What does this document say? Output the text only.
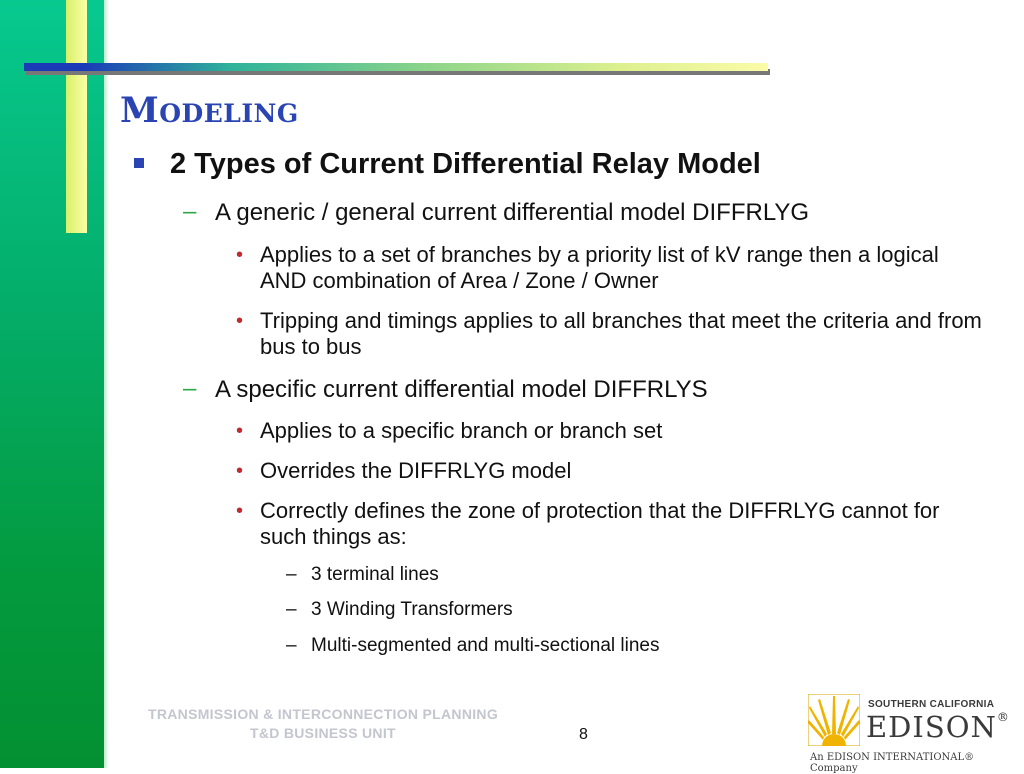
Modeling
2 Types of Current Differential Relay Model
– A generic / general current differential model DIFFRLYG
• Applies to a set of branches by a priority list of kV range then a logical AND combination of Area / Zone / Owner
• Tripping and timings applies to all branches that meet the criteria and from bus to bus
– A specific current differential model DIFFRLYS
• Applies to a specific branch or branch set
• Overrides the DIFFRLYG model
• Correctly defines the zone of protection that the DIFFRLYG cannot for such things as:
– 3 terminal lines
– 3 Winding Transformers
– Multi-segmented and multi-sectional lines
TRANSMISSION & INTERCONNECTION PLANNING
T&D BUSINESS UNIT	8
SOUTHERN CALIFORNIA
EDISON®
An EDISON INTERNATIONAL® Company
